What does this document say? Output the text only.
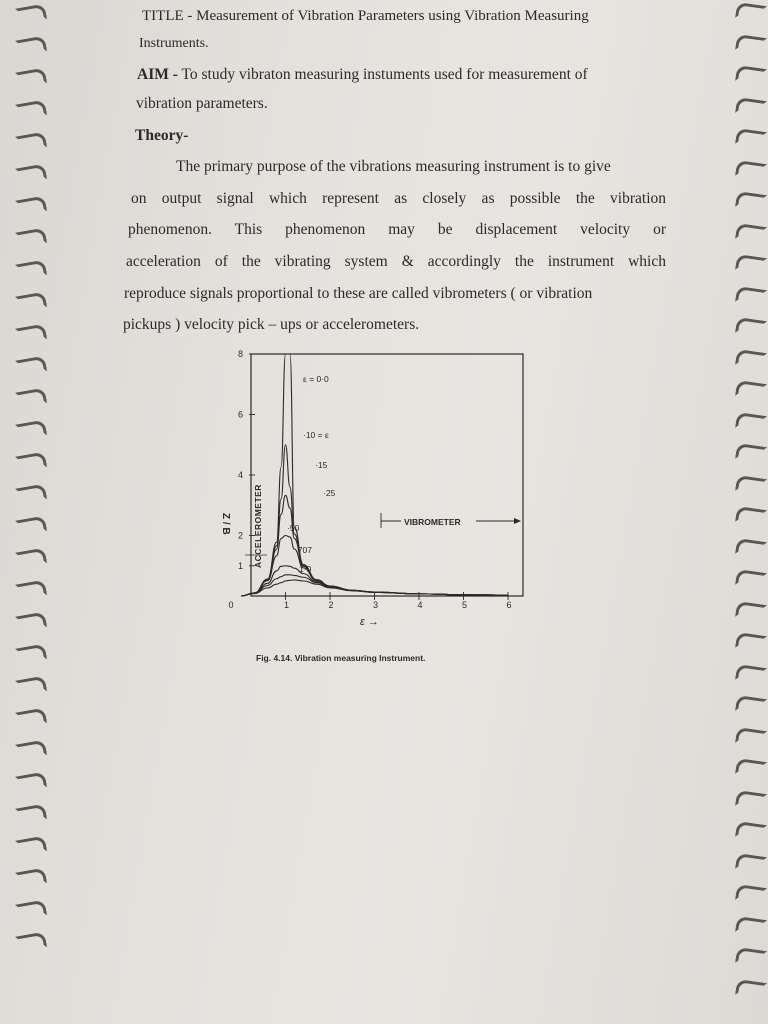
TITLE - Measurement of Vibration Parameters using Vibration Measuring
Instruments.
AIM - To study vibraton measuring instuments used for measurement of
vibration parameters.
Theory-
The primary purpose of the vibrations measuring instrument is to give
on output signal which represent as closely as possible the vibration
phenomenon. This phenomenon may be displacement velocity or
acceleration of the vibrating system & accordingly the instrument which
reproduce signals proportional to these are called vibrometers ( or vibration
pickups ) velocity pick – ups or accelerometers.
1
2
4
6
8
0	1	2	3	4	5	6
ε = 0·0
·10 = ε
·15
·25
·50
·707
1·0
Z / B
ε →
ACCELEROMETER	VIBROMETER
Fig. 4.14. Vibration measuring Instrument.
